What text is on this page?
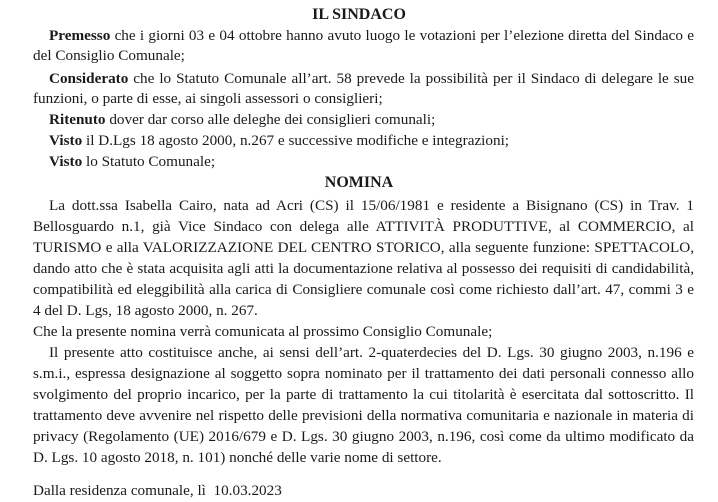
IL SINDACO
Premesso che i giorni 03 e 04 ottobre hanno avuto luogo le votazioni per l’elezione diretta del Sindaco e
del Consiglio Comunale;
Considerato che lo Statuto Comunale all’art. 58 prevede la possibilità per il Sindaco di delegare le sue
funzioni, o parte di esse, ai singoli assessori o consiglieri;
Ritenuto dover dar corso alle deleghe dei consiglieri comunali;
Visto il D.Lgs 18 agosto 2000, n.267 e successive modifiche e integrazioni;
Visto lo Statuto Comunale;
NOMINA
La dott.ssa Isabella Cairo, nata ad Acri (CS) il 15/06/1981 e residente a Bisignano (CS) in Trav. 1
Bellosguardo n.1, già Vice Sindaco con delega alle ATTIVITÀ PRODUTTIVE, al COMMERCIO, al
TURISMO e alla VALORIZZAZIONE DEL CENTRO STORICO, alla seguente funzione: SPETTACOLO,
dando atto che è stata acquisita agli atti la documentazione relativa al possesso dei requisiti di candidabilità,
compatibilità ed eleggibilità alla carica di Consigliere comunale così come richiesto dall’art. 47, commi 3 e
4 del D. Lgs, 18 agosto 2000, n. 267.
Che la presente nomina verrà comunicata al prossimo Consiglio Comunale;
Il presente atto costituisce anche, ai sensi dell’art. 2-quaterdecies del D. Lgs. 30 giugno 2003, n.196 e
s.m.i., espressa designazione al soggetto sopra nominato per il trattamento dei dati personali connesso allo
svolgimento del proprio incarico, per la parte di trattamento la cui titolarità è esercitata dal sottoscritto. Il
trattamento deve avvenire nel rispetto delle previsioni della normativa comunitaria e nazionale in materia di
privacy (Regolamento (UE) 2016/679 e D. Lgs. 30 giugno 2003, n.196, così come da ultimo modificato da
D. Lgs. 10 agosto 2018, n. 101) nonché delle varie nome di settore.
Dalla residenza comunale, lì  10.03.2023
